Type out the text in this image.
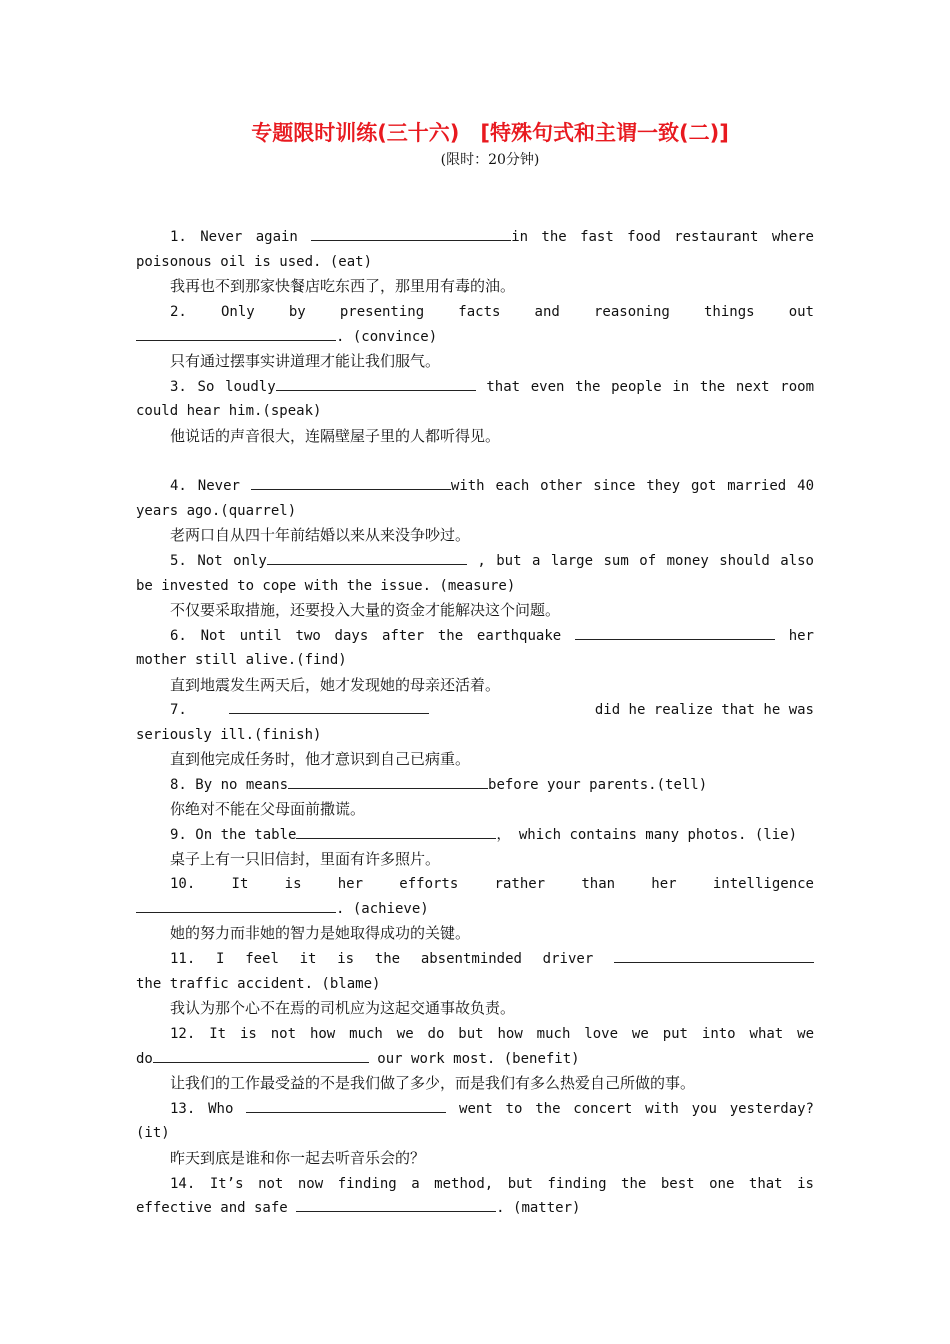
专题限时训练(三十六)　[特殊句式和主谓一致(二)]
(限时：20分钟)
1. Never again	in the fast food restaurant where
poisonous oil is used. (eat)
我再也不到那家快餐店吃东西了，那里用有毒的油。
2. Only by presenting facts and reasoning things out
. (convince)
只有通过摆事实讲道理才能让我们服气。
3. So loudly	that even the people in the next room
could hear him.(speak)
他说话的声音很大，连隔壁屋子里的人都听得见。
4. Never	with each other since they got married 40
years ago.(quarrel)
老两口自从四十年前结婚以来从来没争吵过。
5. Not only	, but a large sum of money should also
be invested to cope with the issue. (measure)
不仅要采取措施，还要投入大量的资金才能解决这个问题。
6. Not until two days after the earthquake	her
mother still alive.(find)
直到地震发生两天后，她才发现她的母亲还活着。
7.	did he realize that he was
seriously ill.(finish)
直到他完成任务时，他才意识到自己已病重。
8. By no means	before your parents.(tell)
你绝对不能在父母面前撒谎。
9. On the table	， which contains many photos. (lie)
桌子上有一只旧信封，里面有许多照片。
10.	It is her efforts rather than her intelligence
. (achieve)
她的努力而非她的智力是她取得成功的关键。
11. I feel it is the absentminded driver
the traffic accident. (blame)
我认为那个心不在焉的司机应为这起交通事故负责。
12. It is not how much we do but how much love we put into what we
do	our work most. (benefit)
让我们的工作最受益的不是我们做了多少，而是我们有多么热爱自己所做的事。
13. Who	went to the concert with you yesterday?
(it)
昨天到底是谁和你一起去听音乐会的？
14. It’s not now finding a method, but finding the best one that is
effective and safe	. (matter)
